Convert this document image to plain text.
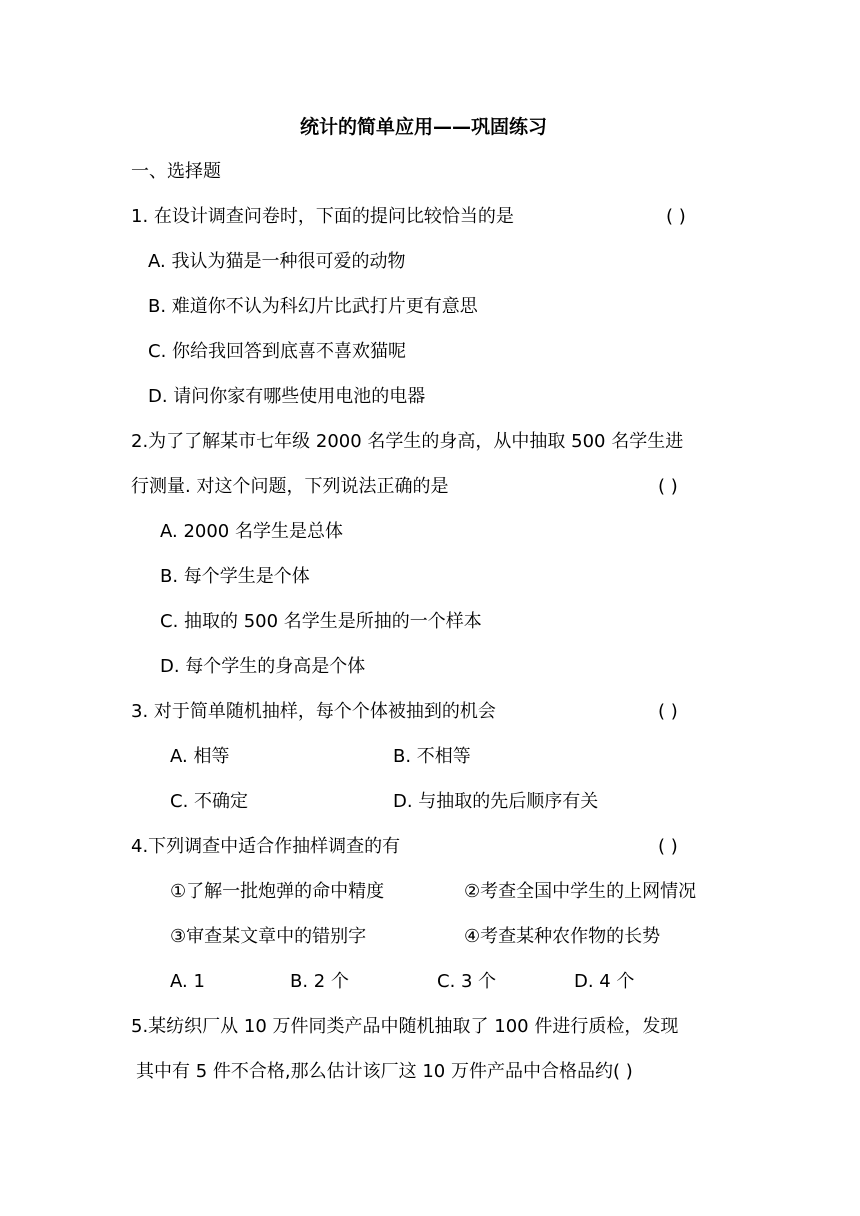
统计的简单应用——巩固练习
一、选择题
1. 在设计调查问卷时，下面的提问比较恰当的是	( )
A. 我认为猫是一种很可爱的动物
B. 难道你不认为科幻片比武打片更有意思
C. 你给我回答到底喜不喜欢猫呢
D. 请问你家有哪些使用电池的电器
2.为了了解某市七年级 2000 名学生的身高，从中抽取 500 名学生进
行测量. 对这个问题，下列说法正确的是	( )
A. 2000 名学生是总体
B. 每个学生是个体
C. 抽取的 500 名学生是所抽的一个样本
D. 每个学生的身高是个体
3. 对于简单随机抽样，每个个体被抽到的机会	( )
A. 相等	B. 不相等
C. 不确定	D. 与抽取的先后顺序有关
4.下列调查中适合作抽样调查的有	( )
①了解一批炮弹的命中精度	②考查全国中学生的上网情况
③审查某文章中的错别字	④考查某种农作物的长势
A. 1	B. 2 个	C. 3 个	D. 4 个
5.某纺织厂从 10 万件同类产品中随机抽取了 100 件进行质检，发现
其中有 5 件不合格,那么估计该厂这 10 万件产品中合格品约( )
